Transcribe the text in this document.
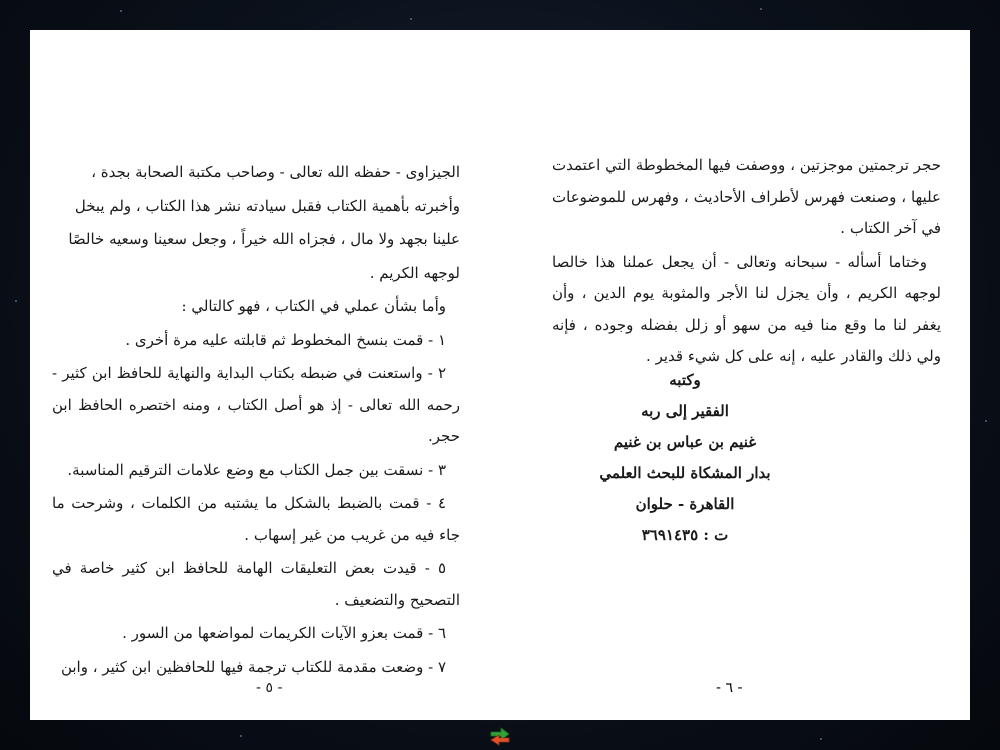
الجيزاوى - حفظه الله تعالى - وصاحب مكتبة الصحابة بجدة ،
وأخبرته بأهمية الكتاب فقبل سيادته نشر هذا الكتاب ، ولم يبخل
علينا بجهد ولا مال ، فجزاه الله خيراً ، وجعل سعينا وسعيه خالصًا
لوجهه الكريم .
وأما بشأن عملي في الكتاب ، فهو كالتالي :
١ - قمت بنسخ المخطوط ثم قابلته عليه مرة أخرى .
٢ - واستعنت في ضبطه بكتاب البداية والنهاية للحافظ ابن كثير - رحمه الله تعالى - إذ هو أصل الكتاب ، ومنه اختصره الحافظ ابن حجر.
٣ - نسقت بين جمل الكتاب مع وضع علامات الترقيم المناسبة.
٤ - قمت بالضبط بالشكل ما يشتبه من الكلمات ، وشرحت ما جاء فيه من غريب من غير إسهاب .
٥ - قيدت بعض التعليقات الهامة للحافظ ابن كثير خاصة في التصحيح والتضعيف .
٦ - قمت بعزو الآيات الكريمات لمواضعها من السور .
٧ - وضعت مقدمة للكتاب ترجمة فيها للحافظين ابن كثير ، وابن
- ٥ -
حجر ترجمتين موجزتين ، ووصفت فيها المخطوطة التي اعتمدت عليها ، وصنعت فهرس لأطراف الأحاديث ، وفهرس للموضوعات في آخر الكتاب .
وختاما أسأله - سبحانه وتعالى - أن يجعل عملنا هذا خالصا لوجهه الكريم ، وأن يجزل لنا الأجر والمثوبة يوم الدين ، وأن يغفر لنا ما وقع منا فيه من سهو أو زلل بفضله وجوده ، فإنه ولي ذلك والقادر عليه ، إنه على كل شيء قدير .
وكتبه
الفقير إلى ربه
غنيم بن عباس بن غنيم
بدار المشكاة للبحث العلمي
القاهرة - حلوان
ت : ٣٦٩١٤٣٥
- ٦ -
